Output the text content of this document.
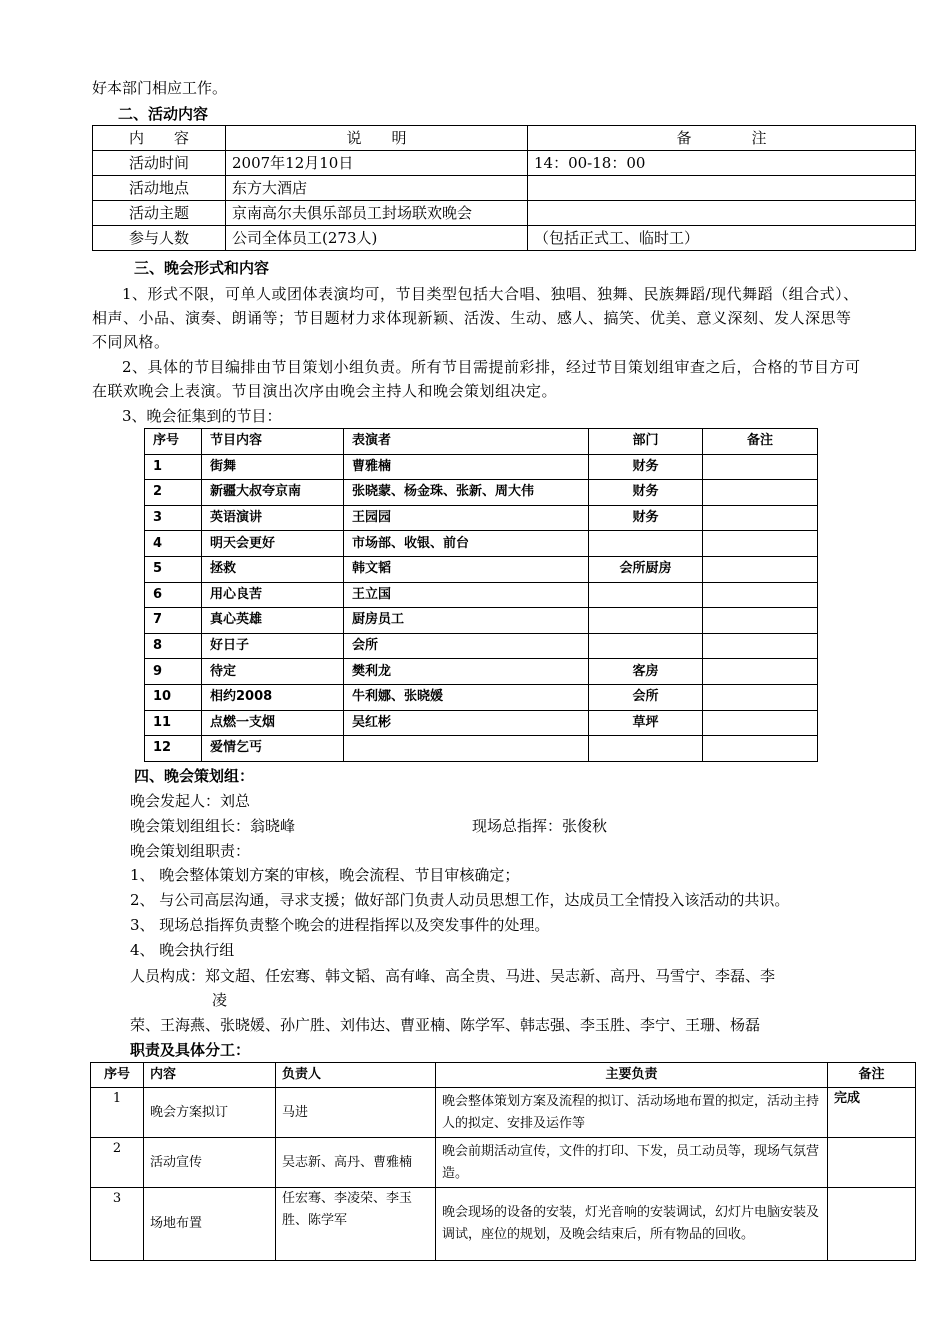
好本部门相应工作。
二、活动内容
内　　容	说　　明	备　　　　注
活动时间	2007年12月10日	14：00-18：00
活动地点	东方大酒店	
活动主题	京南高尔夫俱乐部员工封场联欢晚会	
参与人数	公司全体员工(273人)	（包括正式工、临时工）
三、晚会形式和内容
1、形式不限，可单人或团体表演均可，节目类型包括大合唱、独唱、独舞、民族舞蹈/现代舞蹈（组合式）、相声、小品、演奏、朗诵等；节目题材力求体现新颖、活泼、生动、感人、搞笑、优美、意义深刻、发人深思等不同风格。
2、具体的节目编排由节目策划小组负责。所有节目需提前彩排，经过节目策划组审查之后，合格的节目方可在联欢晚会上表演。节目演出次序由晚会主持人和晚会策划组决定。
3、晚会征集到的节目：
序号	节目内容	表演者	部门	备注
1	街舞	曹雅楠	财务	
2	新疆大叔夸京南	张晓蒙、杨金珠、张新、周大伟	财务	
3	英语演讲	王园园	财务	
4	明天会更好	市场部、收银、前台		
5	拯救	韩文韬	会所厨房	
6	用心良苦	王立国		
7	真心英雄	厨房员工		
8	好日子	会所		
9	待定	樊利龙	客房	
10	相约2008	牛利娜、张晓媛	会所	
11	点燃一支烟	吴红彬	草坪	
12	爱情乞丐			
四、晚会策划组：
晚会发起人：刘总
晚会策划组组长：翁晓峰	现场总指挥：张俊秋
晚会策划组职责：
1、 晚会整体策划方案的审核，晚会流程、节目审核确定；
2、 与公司高层沟通，寻求支援；做好部门负责人动员思想工作，达成员工全情投入该活动的共识。
3、 现场总指挥负责整个晚会的进程指挥以及突发事件的处理。
4、 晚会执行组
人员构成：郑文超、任宏骞、韩文韬、高有峰、高全贵、马进、吴志新、高丹、马雪宁、李磊、李
凌
荣、王海燕、张晓媛、孙广胜、刘伟达、曹亚楠、陈学军、韩志强、李玉胜、李宁、王珊、杨磊
职责及具体分工：
序号	内容	负责人	主要负责	备注
1	晚会方案拟订	马进	晚会整体策划方案及流程的拟订、活动场地布置的拟定，活动主持人的拟定、安排及运作等	完成
2	活动宣传	吴志新、高丹、曹雅楠	晚会前期活动宣传，文件的打印、下发，员工动员等，现场气氛营造。	
3	场地布置	任宏骞、李凌荣、李玉胜、陈学军	晚会现场的设备的安装，灯光音响的安装调试，幻灯片电脑安装及调试，座位的规划，及晚会结束后，所有物品的回收。	
